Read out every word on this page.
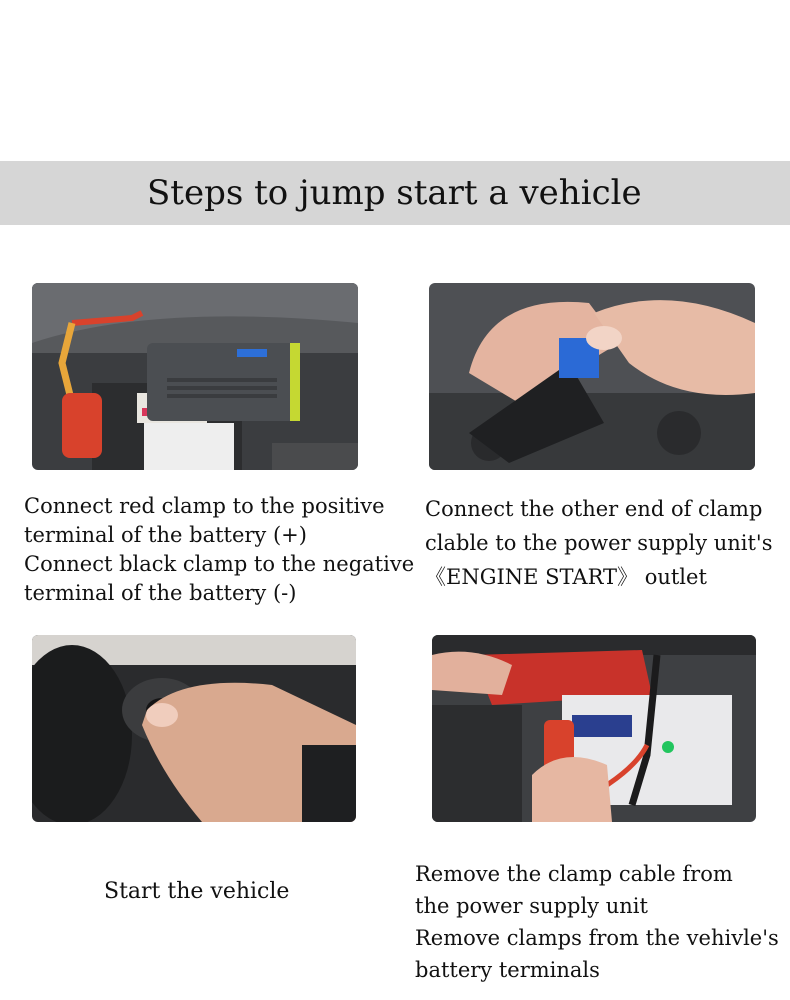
Steps to jump start a vehicle
Connect red clamp to the positive
terminal of the battery (+)
Connect black clamp to the negative
terminal of the battery (-)
Connect the other end of clamp
clable to the power supply unit's
《ENGINE START》 outlet
Start the vehicle
Remove the clamp cable from
the power supply unit
Remove clamps from the vehivle's
battery terminals
